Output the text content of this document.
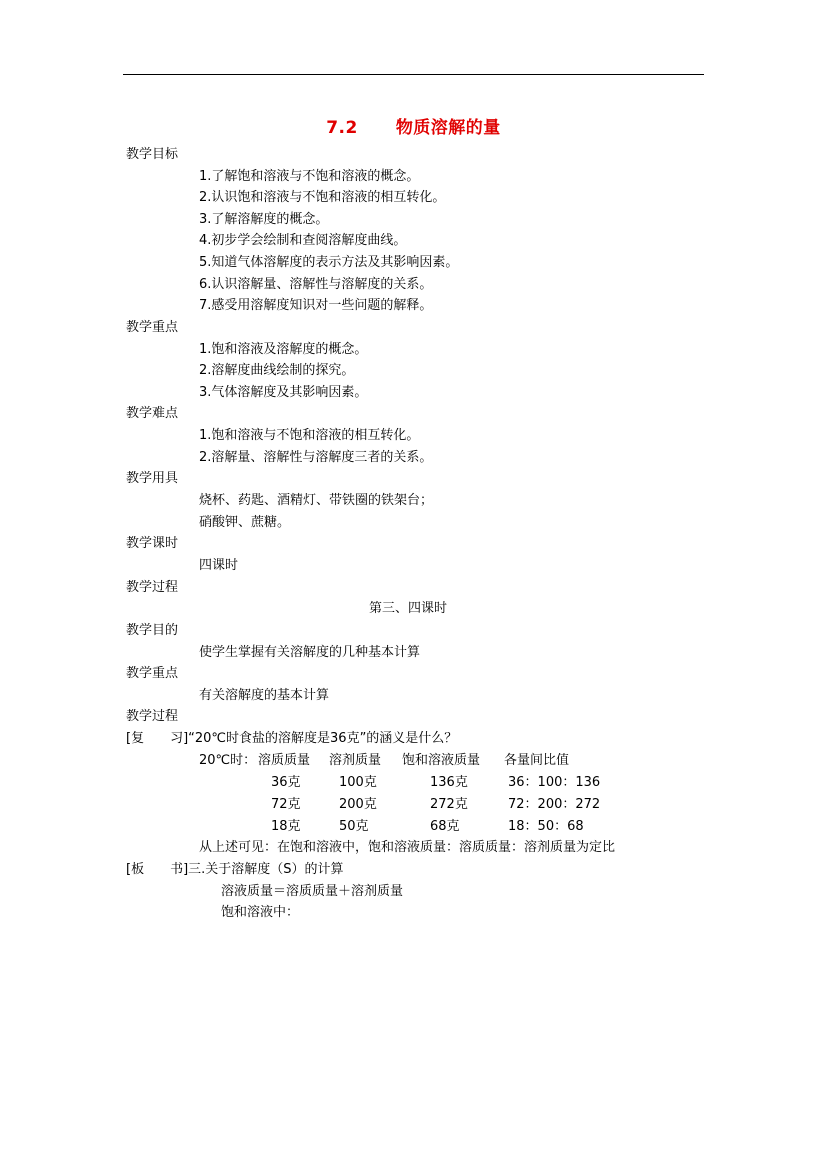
7.2 物质溶解的量
教学目标
1.了解饱和溶液与不饱和溶液的概念。
2.认识饱和溶液与不饱和溶液的相互转化。
3.了解溶解度的概念。
4.初步学会绘制和查阅溶解度曲线。
5.知道气体溶解度的表示方法及其影响因素。
6.认识溶解量、溶解性与溶解度的关系。
7.感受用溶解度知识对一些问题的解释。
教学重点
1.饱和溶液及溶解度的概念。
2.溶解度曲线绘制的探究。
3.气体溶解度及其影响因素。
教学难点
1.饱和溶液与不饱和溶液的相互转化。
2.溶解量、溶解性与溶解度三者的关系。
教学用具
烧杯、药匙、酒精灯、带铁圈的铁架台；
硝酸钾、蔗糖。
教学课时
四课时
教学过程
第三、四课时
教学目的
使学生掌握有关溶解度的几种基本计算
教学重点
有关溶解度的基本计算
教学过程
[复　　习]“20℃时食盐的溶解度是36克”的涵义是什么？
20℃时： 溶质质量 溶剂质量 饱和溶液质量 各量间比值
36克	100克	136克	36：100：136
72克	200克	272克	72：200：272
18克	50克	68克	18：50：68
从上述可见：在饱和溶液中，饱和溶液质量：溶质质量：溶剂质量为定比
[板　　书]三.关于溶解度（S）的计算
溶液质量＝溶质质量＋溶剂质量
饱和溶液中：
